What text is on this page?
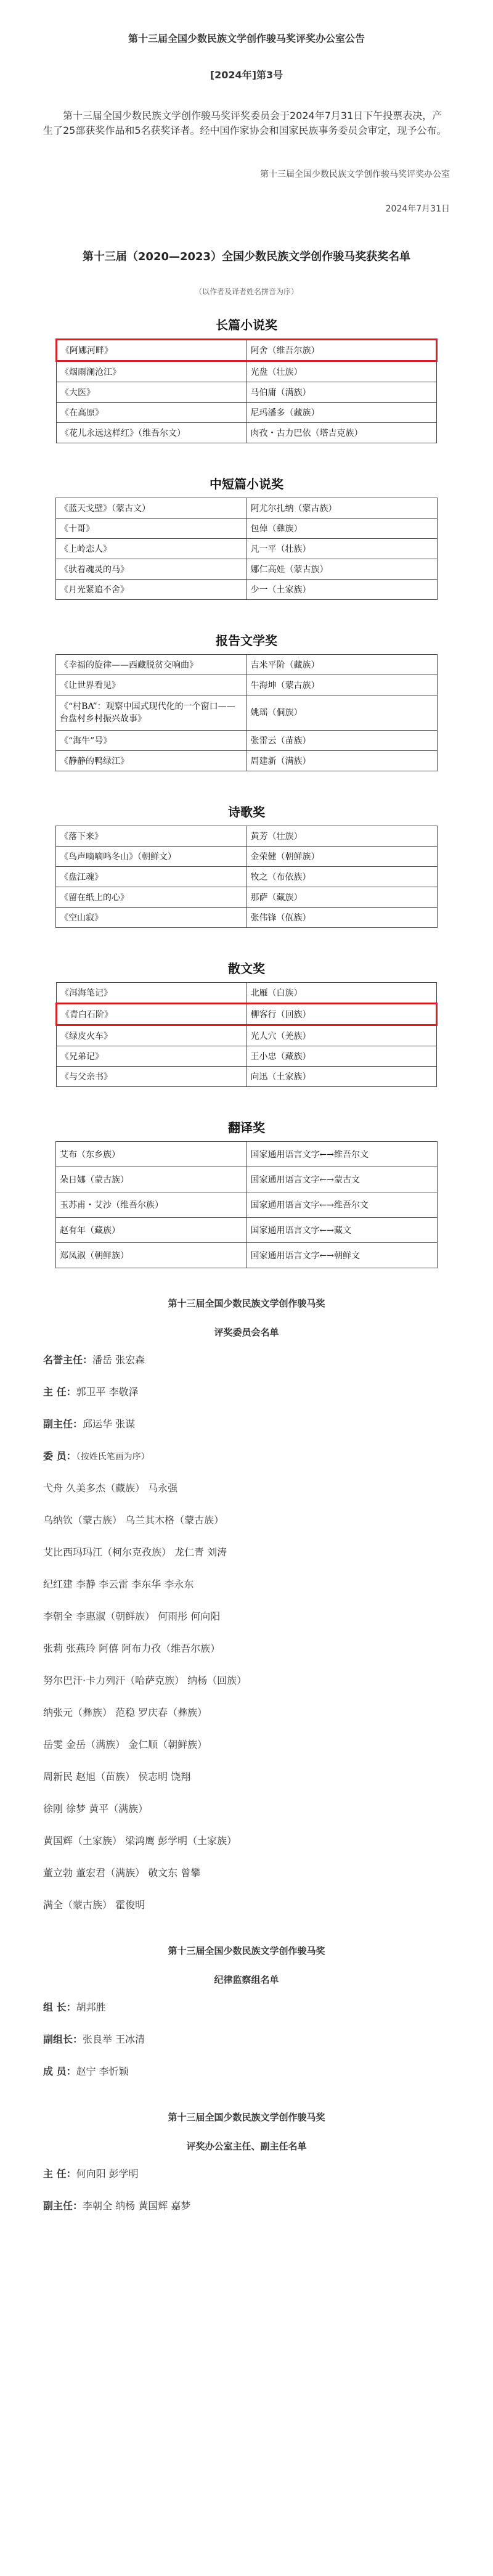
第十三届全国少数民族文学创作骏马奖评奖办公室公告
[2024年]第3号
第十三届全国少数民族文学创作骏马奖评奖委员会于2024年7月31日下午投票表决，产生了25部获奖作品和5名获奖译者。经中国作家协会和国家民族事务委员会审定，现予公布。
第十三届全国少数民族文学创作骏马奖评奖办公室
2024年7月31日
第十三届（2020—2023）全国少数民族文学创作骏马奖获奖名单
（以作者及译者姓名拼音为序）
长篇小说奖
《阿娜河畔》	阿舍（维吾尔族）
《烟雨澜沧江》	光盘（壮族）
《大医》	马伯庸（满族）
《在高原》	尼玛潘多（藏族）
《花儿永远这样红》（维吾尔文）	肉孜・古力巴依（塔吉克族）
中短篇小说奖
《蓝天戈壁》（蒙古文）	阿尤尔扎纳（蒙古族）
《十哥》	包倬（彝族）
《上岭恋人》	凡一平（壮族）
《驮着魂灵的马》	娜仁高娃（蒙古族）
《月光紧追不舍》	少一（土家族）
报告文学奖
《幸福的旋律——西藏脱贫交响曲》	吉米平阶（藏族）
《让世界看见》	牛海坤（蒙古族）
《“村BA”：观察中国式现代化的一个窗口——台盘村乡村振兴故事》	姚瑶（侗族）
《“海牛”号》	张雷云（苗族）
《静静的鸭绿江》	周建新（满族）
诗歌奖
《落下来》	黄芳（壮族）
《鸟声嘀嘀鸣冬山》（朝鲜文）	金荣健（朝鲜族）
《盘江魂》	牧之（布依族）
《留在纸上的心》	那萨（藏族）
《空山寂》	张伟锋（佤族）
散文奖
《洱海笔记》	北雁（白族）
《青白石阶》	柳客行（回族）
《绿皮火车》	光人穴（羌族）
《兄弟记》	王小忠（藏族）
《与父亲书》	向迅（土家族）
翻译奖
艾布（东乡族）	国家通用语言文字←→维吾尔文
朵日娜（蒙古族）	国家通用语言文字←→蒙古文
玉苏甫・艾沙（维吾尔族）	国家通用语言文字←→维吾尔文
赵有年（藏族）	国家通用语言文字←→藏文
郑凤淑（朝鲜族）	国家通用语言文字←→朝鲜文
第十三届全国少数民族文学创作骏马奖
评奖委员会名单
名誉主任：潘岳 张宏森
主 任：郭卫平 李敬泽
副主任：邱运华 张谋
委 员：（按姓氏笔画为序）
弋舟 久美多杰（藏族） 马永强
乌纳钦（蒙古族） 乌兰其木格（蒙古族）
艾比西玛玛江（柯尔克孜族） 龙仁青 刘涛
纪红建 李静 李云雷 李东华 李永东
李朝全 李惠淑（朝鲜族） 何雨彤 何向阳
张莉 张燕玲 阿僖 阿布力孜（维吾尔族）
努尔巴汗·卡力列汗（哈萨克族） 纳杨（回族）
纳张元（彝族） 范稳 罗庆春（彝族）
岳雯 金岳（满族） 金仁顺（朝鲜族）
周新民 赵旭（苗族） 侯志明 饶翔
徐刚 徐梦 黄平（满族）
黄国辉（土家族） 梁鸿鹰 彭学明（土家族）
董立勃 董宏君（满族） 敬文东 曾攀
满全（蒙古族） 霍俊明
第十三届全国少数民族文学创作骏马奖
纪律监察组名单
组 长：胡邦胜
副组长：张良举 王冰清
成 员：赵宁 李忻颖
第十三届全国少数民族文学创作骏马奖
评奖办公室主任、副主任名单
主 任：何向阳 彭学明
副主任：李朝全 纳杨 黄国辉 嘉梦
